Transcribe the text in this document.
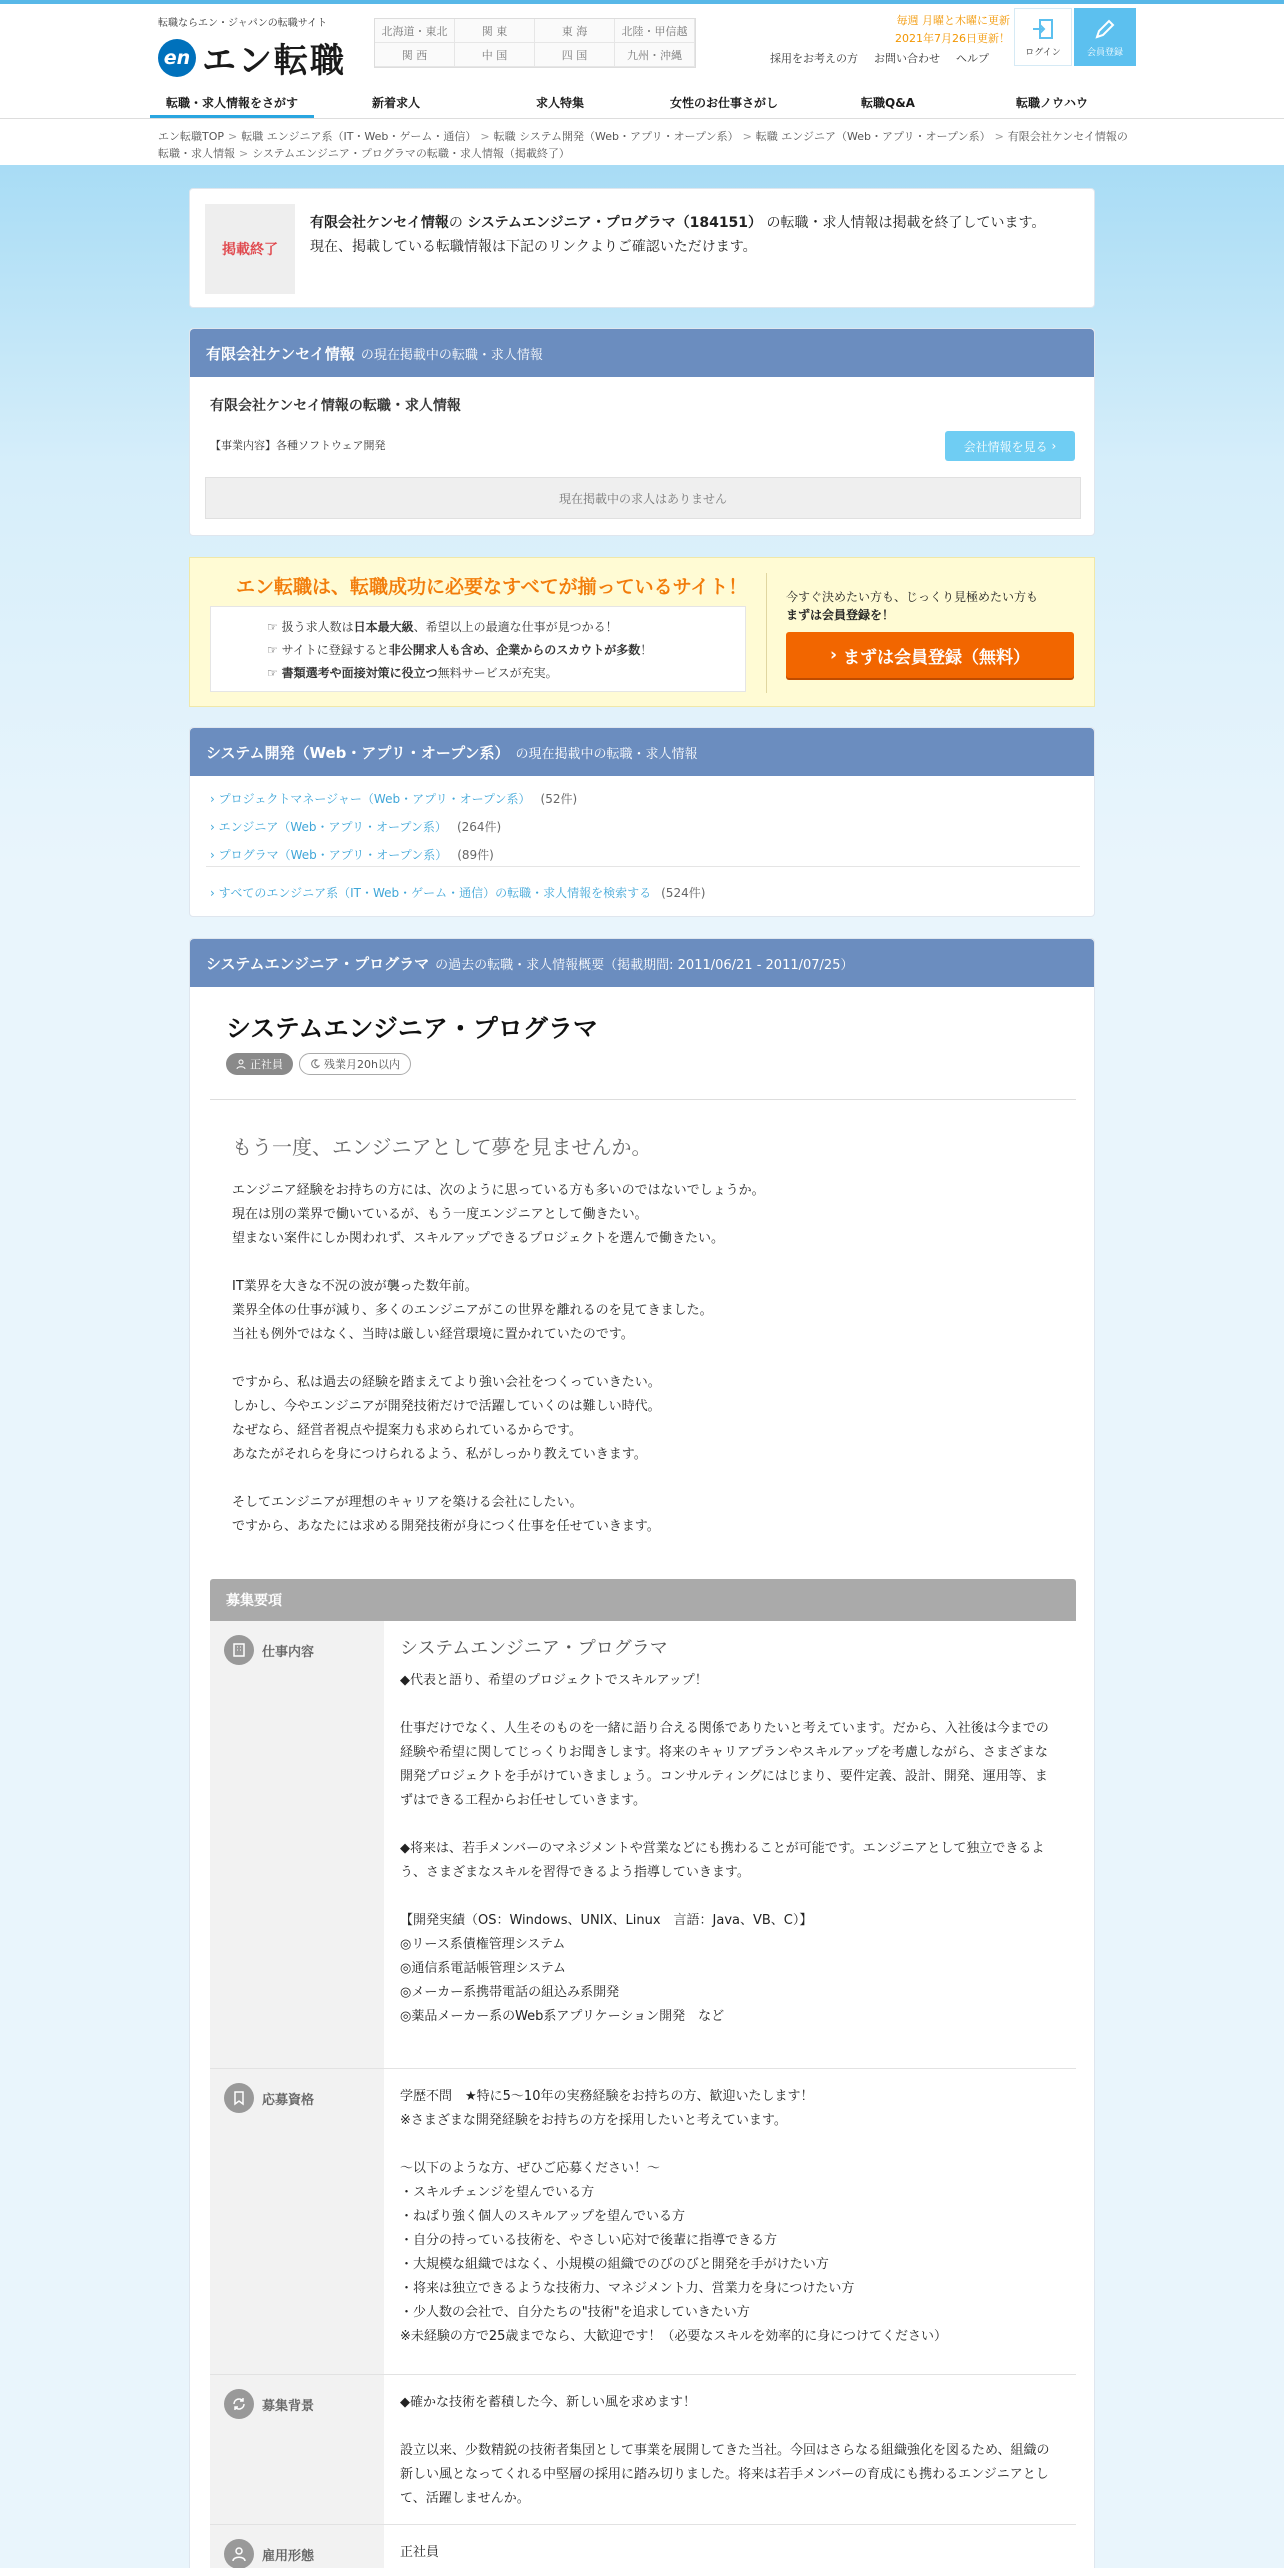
転職ならエン・ジャパンの転職サイト
en エン転職
北海道・東北	関 東	東 海	北陸・甲信越
関 西	中 国	四 国	九州・沖縄
毎週 月曜と木曜に更新
2021年7月26日更新！
採用をお考えの方 お問い合わせ ヘルプ	ログイン	会員登録
転職・求人情報をさがす	新着求人	求人特集	女性のお仕事さがし	転職Q&A	転職ノウハウ
エン転職TOP > 転職 エンジニア系（IT・Web・ゲーム・通信） > 転職 システム開発（Web・アプリ・オープン系） > 転職 エンジニア（Web・アプリ・オープン系） > 有限会社ケンセイ情報の転職・求人情報 > システムエンジニア・プログラマの転職・求人情報（掲載終了）
掲載終了
有限会社ケンセイ情報の システムエンジニア・プログラマ（184151） の転職・求人情報は掲載を終了しています。
現在、掲載している転職情報は下記のリンクよりご確認いただけます。
有限会社ケンセイ情報 の現在掲載中の転職・求人情報
有限会社ケンセイ情報の転職・求人情報
【事業内容】各種ソフトウェア開発	会社情報を見る ›
現在掲載中の求人はありません
エン転職は、転職成功に必要なすべてが揃っているサイト！
☞ 扱う求人数は日本最大級、希望以上の最適な仕事が見つかる！
☞ サイトに登録すると非公開求人も含め、企業からのスカウトが多数！
☞ 書類選考や面接対策に役立つ無料サービスが充実。
今すぐ決めたい方も、じっくり見極めたい方も
まずは会員登録を！
› まずは会員登録（無料）
システム開発（Web・アプリ・オープン系） の現在掲載中の転職・求人情報
› プロジェクトマネージャー（Web・アプリ・オープン系） (52件)
› エンジニア（Web・アプリ・オープン系） (264件)
› プログラマ（Web・アプリ・オープン系） (89件)
› すべてのエンジニア系（IT・Web・ゲーム・通信）の転職・求人情報を検索する (524件)
システムエンジニア・プログラマ の過去の転職・求人情報概要（掲載期間: 2011/06/21 - 2011/07/25）
システムエンジニア・プログラマ
正社員	残業月20h以内
もう一度、エンジニアとして夢を見ませんか。
エンジニア経験をお持ちの方には、次のように思っている方も多いのではないでしょうか。
現在は別の業界で働いているが、もう一度エンジニアとして働きたい。
望まない案件にしか関われず、スキルアップできるプロジェクトを選んで働きたい。

IT業界を大きな不況の波が襲った数年前。
業界全体の仕事が減り、多くのエンジニアがこの世界を離れるのを見てきました。
当社も例外ではなく、当時は厳しい経営環境に置かれていたのです。

ですから、私は過去の経験を踏まえてより強い会社をつくっていきたい。
しかし、今やエンジニアが開発技術だけで活躍していくのは難しい時代。
なぜなら、経営者視点や提案力も求められているからです。
あなたがそれらを身につけられるよう、私がしっかり教えていきます。

そしてエンジニアが理想のキャリアを築ける会社にしたい。
ですから、あなたには求める開発技術が身につく仕事を任せていきます。
募集要項
仕事内容	システムエンジニア・プログラマ
◆代表と語り、希望のプロジェクトでスキルアップ！

仕事だけでなく、人生そのものを一緒に語り合える関係でありたいと考えています。だから、入社後は今までの経験や希望に関してじっくりお聞きします。将来のキャリアプランやスキルアップを考慮しながら、さまざまな開発プロジェクトを手がけていきましょう。コンサルティングにはじまり、要件定義、設計、開発、運用等、まずはできる工程からお任せしていきます。

◆将来は、若手メンバーのマネジメントや営業などにも携わることが可能です。エンジニアとして独立できるよう、さまざまなスキルを習得できるよう指導していきます。

【開発実績（OS：Windows、UNIX、Linux　言語：Java、VB、C）】
◎リース系債権管理システム
◎通信系電話帳管理システム
◎メーカー系携帯電話の組込み系開発
◎薬品メーカー系のWeb系アプリケーション開発　など
応募資格	学歴不問　★特に5～10年の実務経験をお持ちの方、歓迎いたします！
※さまざまな開発経験をお持ちの方を採用したいと考えています。

～以下のような方、ぜひご応募ください！～
・スキルチェンジを望んでいる方
・ねばり強く個人のスキルアップを望んでいる方
・自分の持っている技術を、やさしい応対で後輩に指導できる方
・大規模な組織ではなく、小規模の組織でのびのびと開発を手がけたい方
・将来は独立できるような技術力、マネジメント力、営業力を身につけたい方
・少人数の会社で、自分たちの"技術"を追求していきたい方
※未経験の方で25歳までなら、大歓迎です！（必要なスキルを効率的に身につけてください）
募集背景	◆確かな技術を蓄積した今、新しい風を求めます！

設立以来、少数精鋭の技術者集団として事業を展開してきた当社。今回はさらなる組織強化を図るため、組織の新しい風となってくれる中堅層の採用に踏み切りました。将来は若手メンバーの育成にも携わるエンジニアとして、活躍しませんか。
雇用形態	正社員
